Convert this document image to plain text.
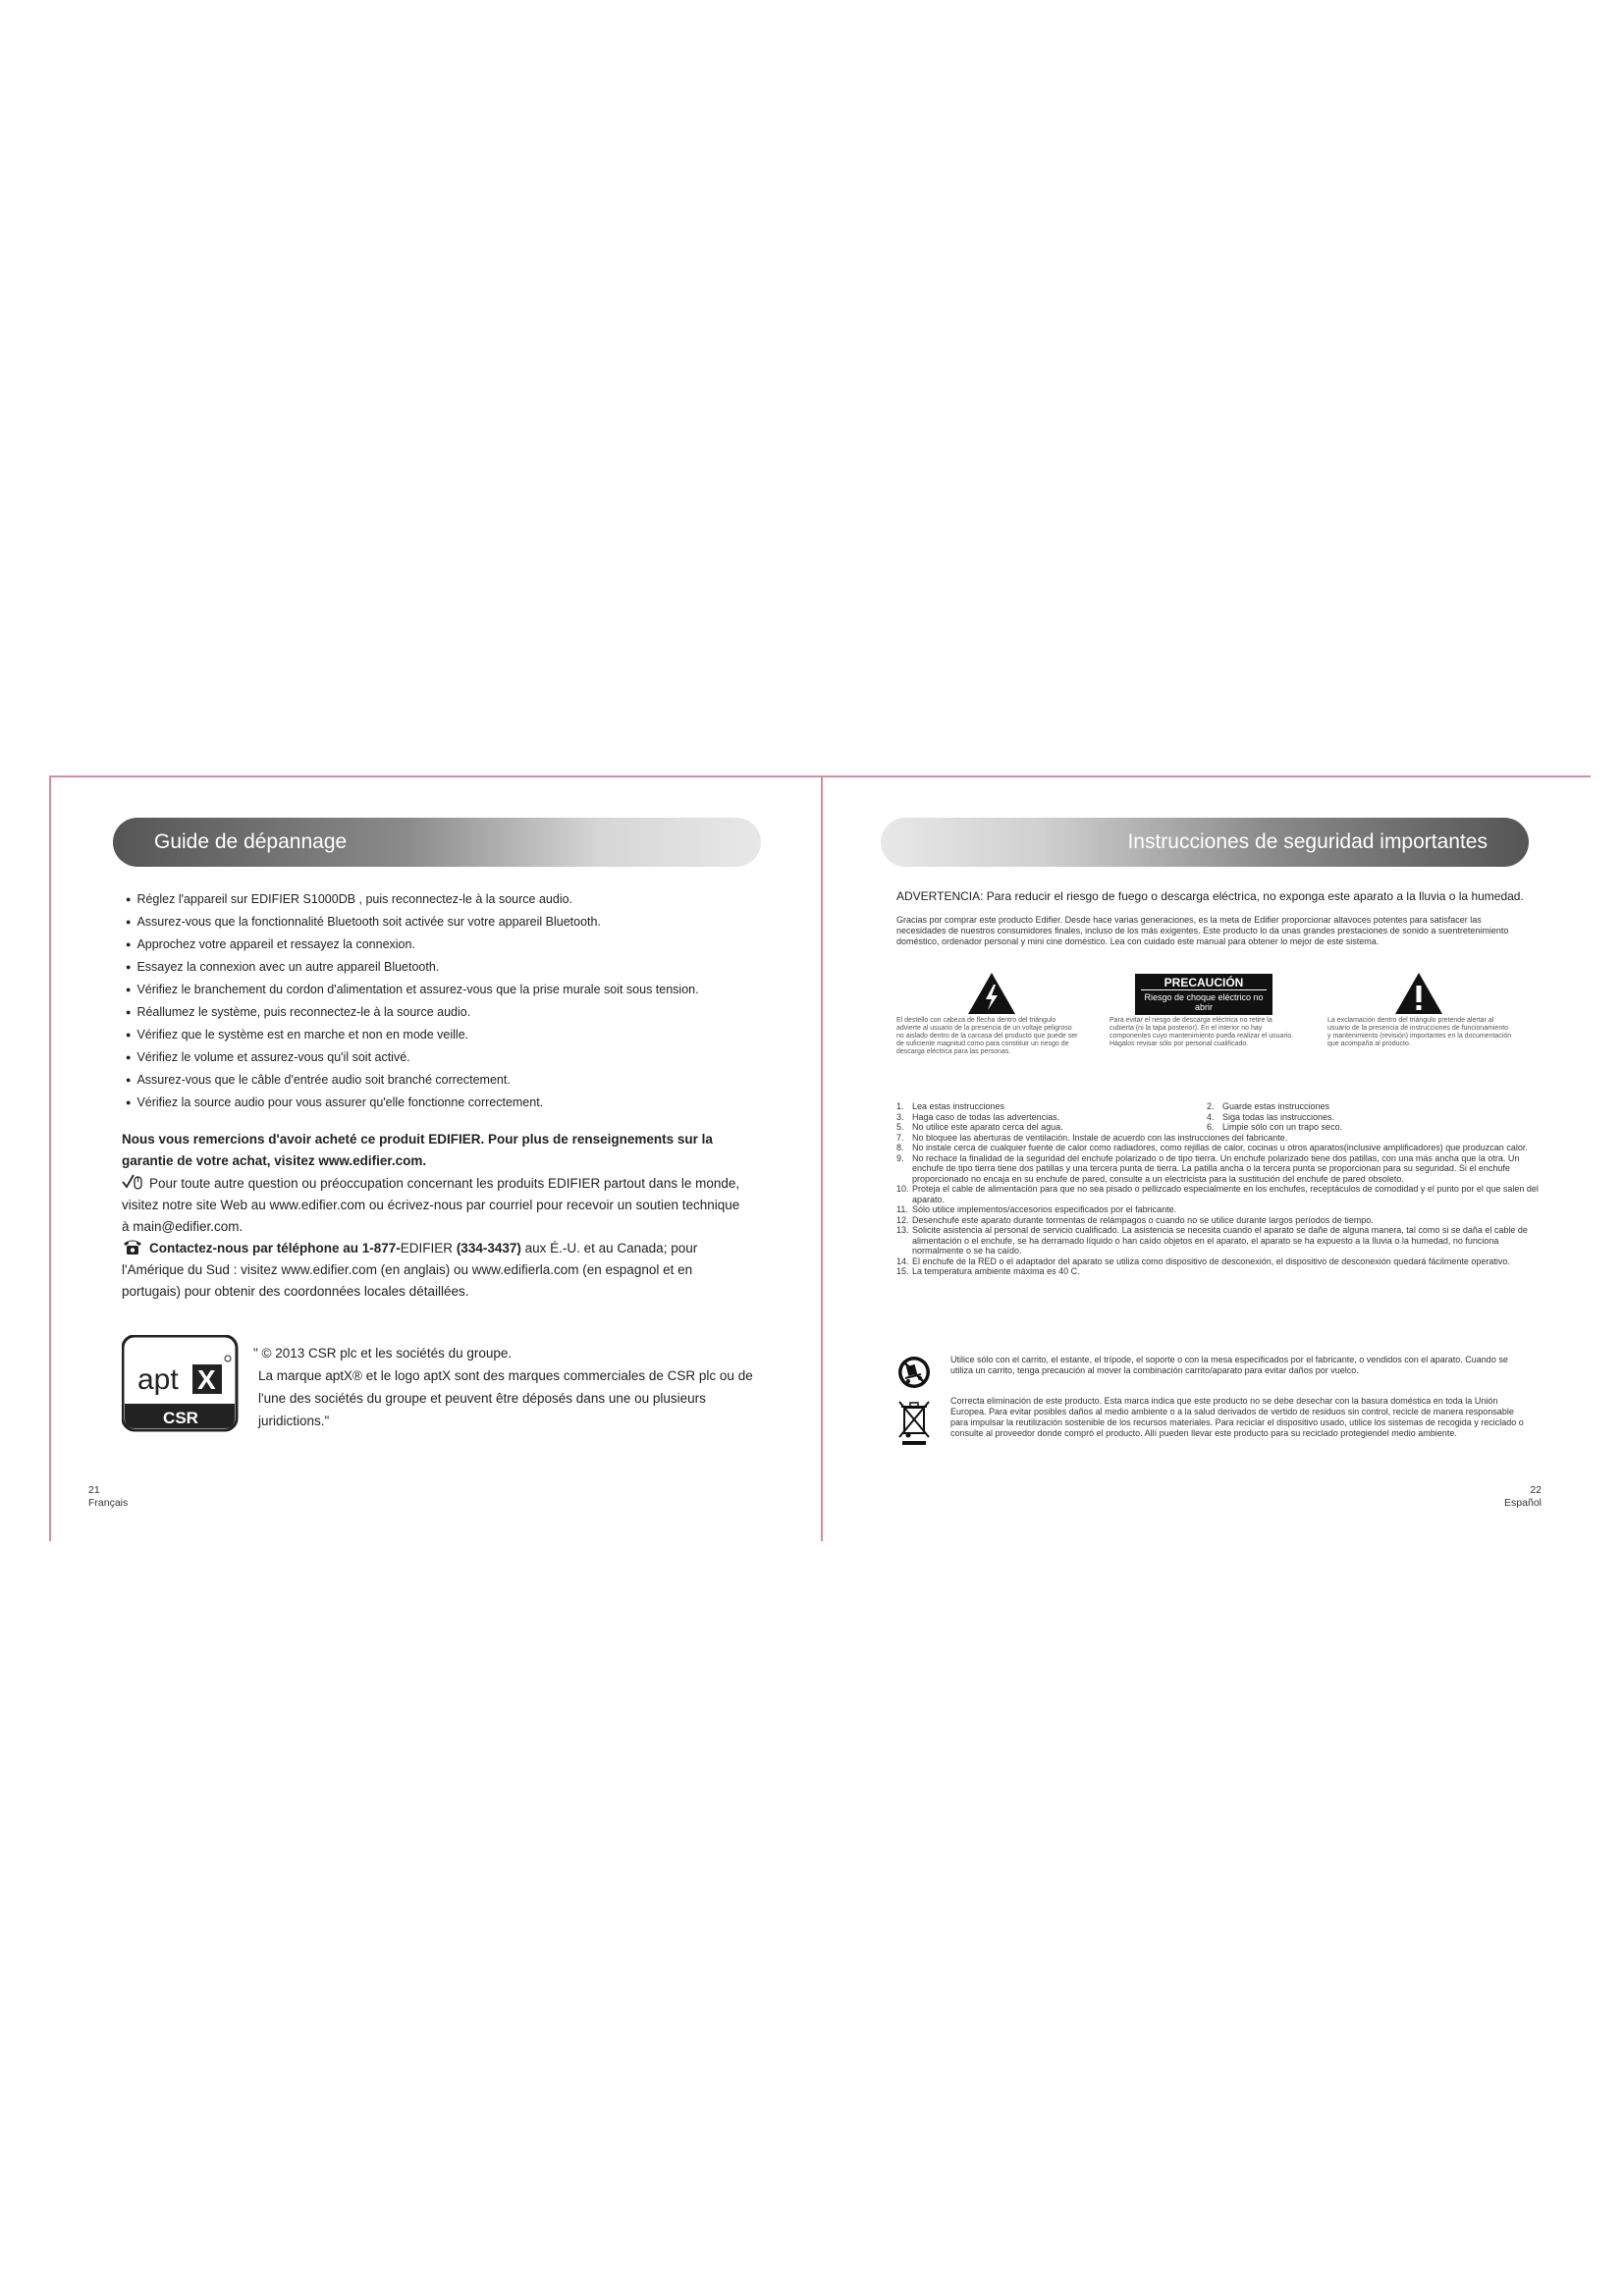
Guide de dépannage
● Réglez l'appareil sur EDIFIER S1000DB , puis reconnectez-le à la source audio.
● Assurez-vous que la fonctionnalité Bluetooth soit activée sur votre appareil Bluetooth.
● Approchez votre appareil et ressayez la connexion.
● Essayez la connexion avec un autre appareil Bluetooth.
● Vérifiez le branchement du cordon d'alimentation et assurez-vous que la prise murale soit sous tension.
● Réallumez le système, puis reconnectez-le à la source audio.
● Vérifiez que le système est en marche et non en mode veille.
● Vérifiez le volume et assurez-vous qu'il soit activé.
● Assurez-vous que le câble d'entrée audio soit branché correctement.
● Vérifiez la source audio pour vous assurer qu'elle fonctionne correctement.
Nous vous remercions d'avoir acheté ce produit EDIFIER. Pour plus de renseignements sur la garantie de votre achat, visitez www.edifier.com.
Pour toute autre question ou préoccupation concernant les produits EDIFIER partout dans le monde, visitez notre site Web au www.edifier.com ou écrivez-nous par courriel pour recevoir un soutien technique à main@edifier.com.
Contactez-nous par téléphone au 1-877-EDIFIER (334-3437) aux É.-U. et au Canada; pour l'Amérique du Sud : visitez www.edifier.com (en anglais) ou www.edifierla.com (en espagnol et en portugais) pour obtenir des coordonnées locales détaillées.
apt X
CSR
" © 2013 CSR plc et les sociétés du groupe.
La marque aptX® et le logo aptX sont des marques commerciales de CSR plc ou de l'une des sociétés du groupe et peuvent être déposés dans une ou plusieurs juridictions."
21
Français
Instrucciones de seguridad importantes
ADVERTENCIA: Para reducir el riesgo de fuego o descarga eléctrica, no exponga este aparato a la lluvia o la humedad.
Gracias por comprar este producto Edifier. Desde hace varias generaciones, es la meta de Edifier proporcionar altavoces potentes para satisfacer las necesidades de nuestros consumidores finales, incluso de los más exigentes. Este producto lo da unas grandes prestaciones de sonido a suentretenimiento doméstico, ordenador personal y mini cine doméstico. Lea con cuidado este manual para obtener lo mejor de este sistema.
PRECAUCIÓN
Riesgo de choque eléctrico no abrir
El destello con cabeza de flecha dentro del triángulo advierte al usuario de la presencia de un voltaje peligroso no aislado dentro de la carcasa del producto que puede ser de suficiente magnitud como para constituir un riesgo de descarga eléctrica para las personas.
Para evitar el riesgo de descarga eléctrica no retire la cubierta (ni la tapa posterior). En el interior no hay componentes cuyo mantenimiento pueda realizar el usuario. Hágalos revisar sólo por personal cualificado.
La exclamación dentro del triángulo pretende alertar al usuario de la presencia de instrucciones de funcionamiento y mantenimiento (revisión) importantes en la documentación que acompaña al producto.
1. Lea estas instrucciones	2. Guarde estas instrucciones
3. Haga caso de todas las advertencias.	4. Siga todas las instrucciones.
5. No utilice este aparato cerca del agua.	6. Limpie sólo con un trapo seco.
7. No bloquee las aberturas de ventilación. Instale de acuerdo con las instrucciones del fabricante.
8. No instale cerca de cualquier fuente de calor como radiadores, como rejillas de calor, cocinas u otros aparatos(inclusive amplificadores) que produzcan calor.
9. No rechace la finalidad de la seguridad del enchufe polarizado o de tipo tierra. Un enchufe polarizado tiene dos patillas, con una más ancha que la otra. Un enchufe de tipo tierra tiene dos patillas y una tercera punta de tierra. La patilla ancha o la tercera punta se proporcionan para su seguridad. Si el enchufe proporcionado no encaja en su enchufe de pared, consulte a un electricista para la sustitución del enchufe de pared obsoleto.
10. Proteja el cable de alimentación para que no sea pisado o pellizcado especialmente en los enchufes, receptáculos de comodidad y el punto por el que salen del aparato.
11. Sólo utilice implementos/accesorios especificados por el fabricante.
12. Desenchufe este aparato durante tormentas de relámpagos o cuando no se utilice durante largos períodos de tiempo.
13. Solicite asistencia al personal de servicio cualificado. La asistencia se necesita cuando el aparato se dañe de alguna manera, tal como si se daña el cable de alimentación o el enchufe, se ha derramado líquido o han caído objetos en el aparato, el aparato se ha expuesto a la lluvia o la humedad, no funciona normalmente o se ha caído.
14. El enchufe de la RED o el adaptador del aparato se utiliza como dispositivo de desconexión, el dispositivo de desconexión quedará fácilmente operativo.
15. La temperatura ambiente máxima es 40 C.
Utilice sólo con el carrito, el estante, el trípode, el soporte o con la mesa especificados por el fabricante, o vendidos con el aparato. Cuando se utiliza un carrito, tenga precaución al mover la combinación carrito/aparato para evitar daños por vuelco.
Correcta eliminación de este producto. Esta marca indica que este producto no se debe desechar con la basura doméstica en toda la Unión Europea. Para evitar posibles daños al medio ambiente o a la salud derivados de vertido de residuos sin control, recicle de manera responsable para impulsar la reutilización sostenible de los recursos materiales. Para reciclar el dispositivo usado, utilice los sistemas de recogida y reciclado o consulte al proveedor donde compró el producto. Allí pueden llevar este producto para su reciclado protegiendel medio ambiente.
22
Español
